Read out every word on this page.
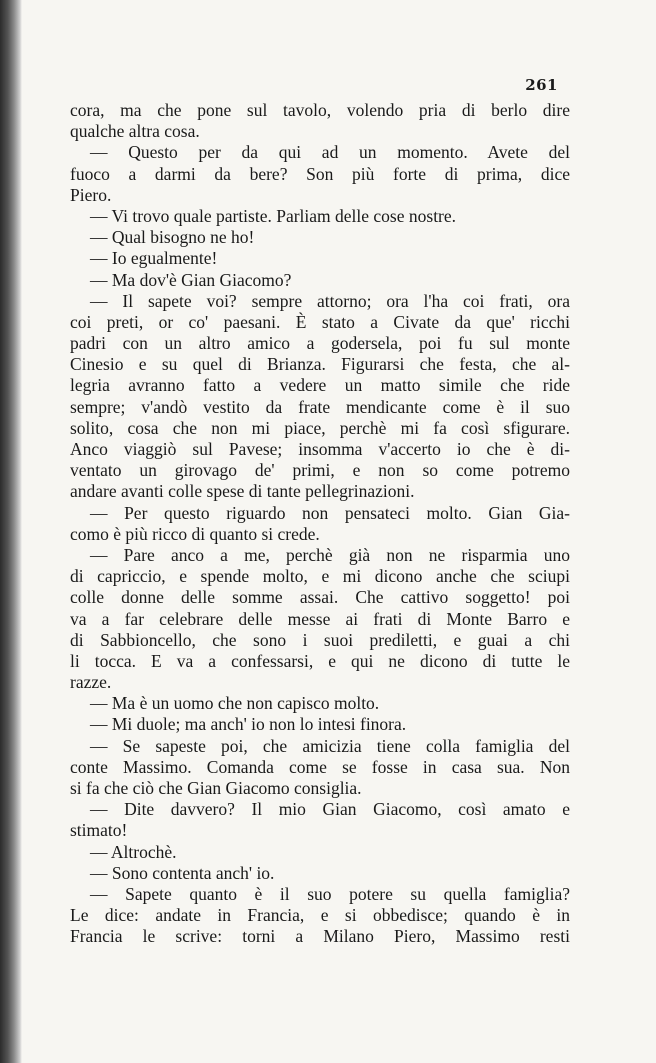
261
cora, ma che pone sul tavolo, volendo pria di berlo dire
qualche altra cosa.
— Questo per da qui ad un momento. Avete del
fuoco a darmi da bere? Son più forte di prima, dice
Piero.
— Vi trovo quale partiste. Parliam delle cose nostre.
— Qual bisogno ne ho!
— Io egualmente!
— Ma dov'è Gian Giacomo?
— Il sapete voi? sempre attorno; ora l'ha coi frati, ora
coi preti, or co' paesani. È stato a Civate da que' ricchi
padri con un altro amico a godersela, poi fu sul monte
Cinesio e su quel di Brianza. Figurarsi che festa, che al-
legria avranno fatto a vedere un matto simile che ride
sempre; v'andò vestito da frate mendicante come è il suo
solito, cosa che non mi piace, perchè mi fa così sfigurare.
Anco viaggiò sul Pavese; insomma v'accerto io che è di-
ventato un girovago de' primi, e non so come potremo
andare avanti colle spese di tante pellegrinazioni.
— Per questo riguardo non pensateci molto. Gian Gia-
como è più ricco di quanto si crede.
— Pare anco a me, perchè già non ne risparmia uno
di capriccio, e spende molto, e mi dicono anche che sciupi
colle donne delle somme assai. Che cattivo soggetto! poi
va a far celebrare delle messe ai frati di Monte Barro e
di Sabbioncello, che sono i suoi prediletti, e guai a chi
li tocca. E va a confessarsi, e qui ne dicono di tutte le
razze.
— Ma è un uomo che non capisco molto.
— Mi duole; ma anch' io non lo intesi finora.
— Se sapeste poi, che amicizia tiene colla famiglia del
conte Massimo. Comanda come se fosse in casa sua. Non
si fa che ciò che Gian Giacomo consiglia.
— Dite davvero? Il mio Gian Giacomo, così amato e
stimato!
— Altrochè.
— Sono contenta anch' io.
— Sapete quanto è il suo potere su quella famiglia?
Le dice: andate in Francia, e si obbedisce; quando è in
Francia le scrive: torni a Milano Piero, Massimo resti
